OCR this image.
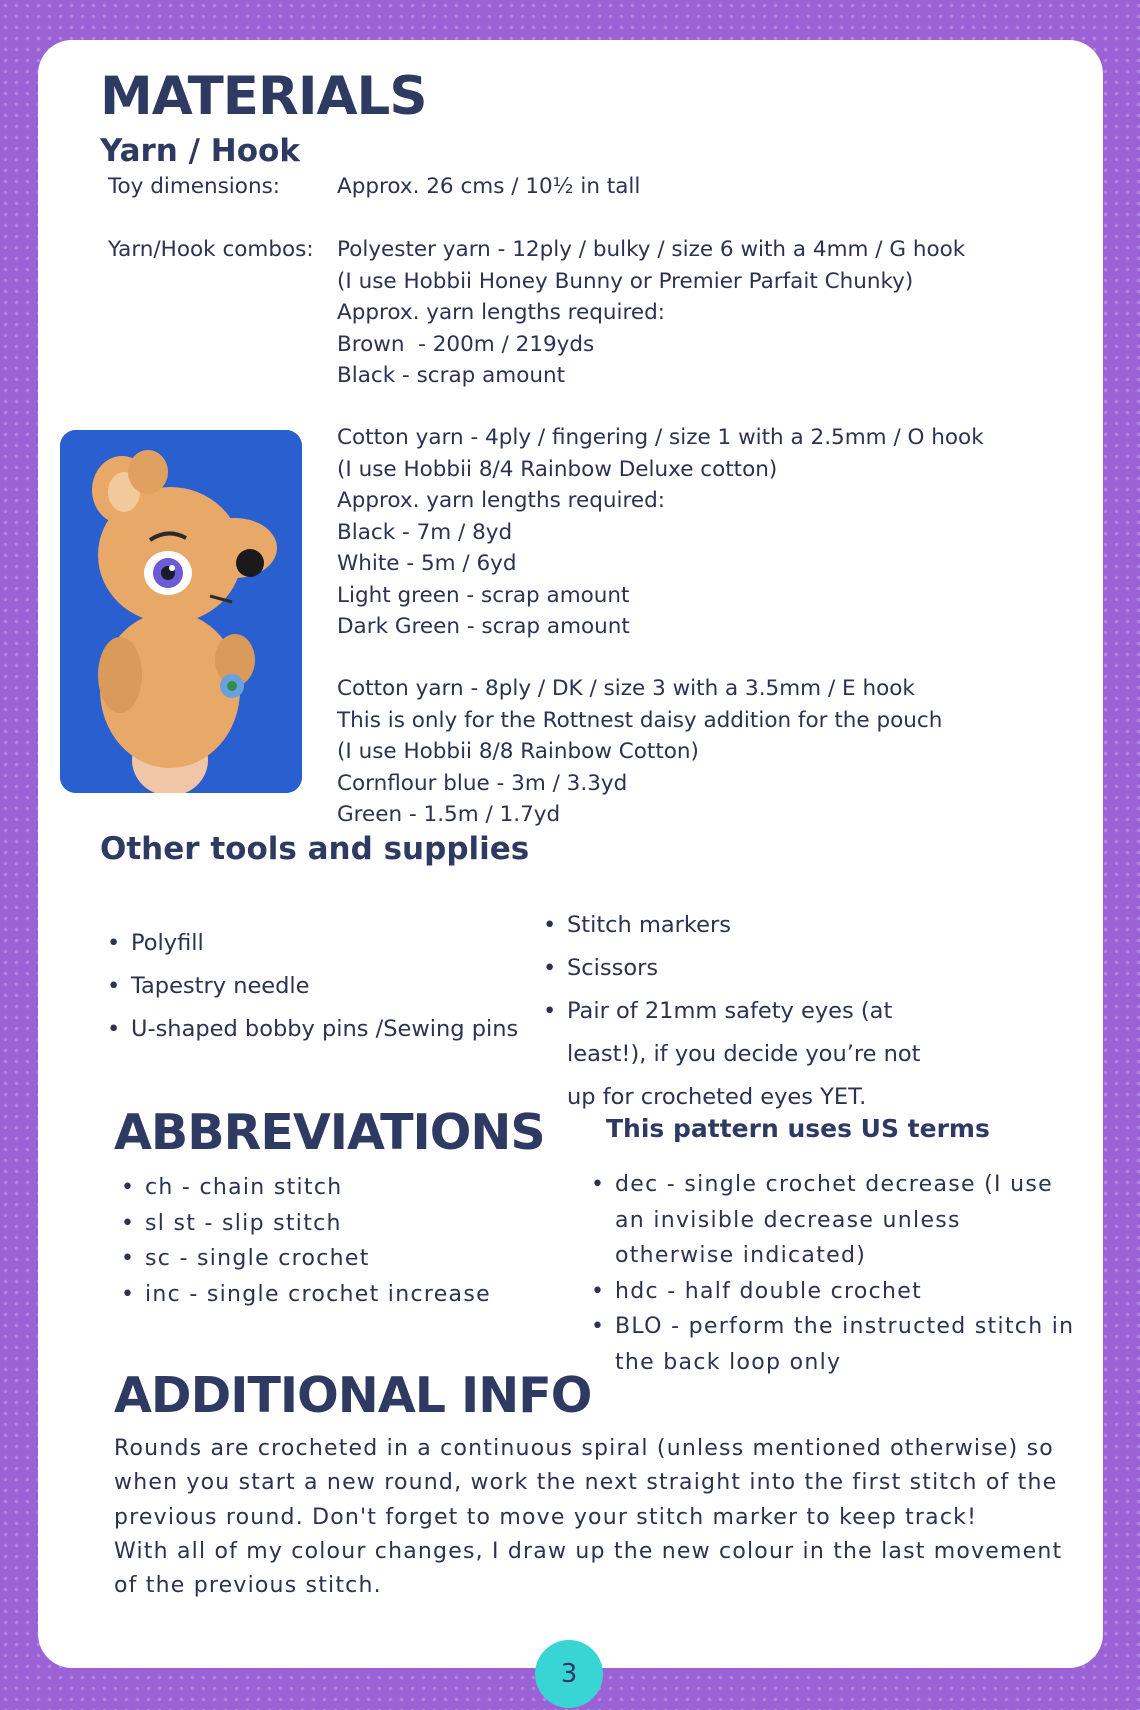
MATERIALS
Yarn / Hook
Toy dimensions:	Approx. 26 cms / 10½ in tall
Yarn/Hook combos: Polyester yarn - 12ply / bulky / size 6 with a 4mm / G hook
(I use Hobbii Honey Bunny or Premier Parfait Chunky)
Approx. yarn lengths required:
Brown  - 200m / 219yds
Black - scrap amount
Cotton yarn - 4ply / fingering / size 1 with a 2.5mm / O hook
(I use Hobbii 8/4 Rainbow Deluxe cotton)
Approx. yarn lengths required:
Black - 7m / 8yd
White - 5m / 6yd
Light green - scrap amount
Dark Green - scrap amount
Cotton yarn - 8ply / DK / size 3 with a 3.5mm / E hook
This is only for the Rottnest daisy addition for the pouch
(I use Hobbii 8/8 Rainbow Cotton)
Cornflour blue - 3m / 3.3yd
Green - 1.5m / 1.7yd
Other tools and supplies
• Polyfill
• Tapestry needle
• U-shaped bobby pins /Sewing pins
• Stitch markers
• Scissors
• Pair of 21mm safety eyes (at least!), if you decide you’re not up for crocheted eyes YET.
ABBREVIATIONS This pattern uses US terms
• ch - chain stitch
• sl st - slip stitch
• sc - single crochet
• inc - single crochet increase
• dec - single crochet decrease (I use an invisible decrease unless otherwise indicated)
• hdc - half double crochet
• BLO - perform the instructed stitch in the back loop only
ADDITIONAL INFO
Rounds are crocheted in a continuous spiral (unless mentioned otherwise) so when you start a new round, work the next straight into the first stitch of the previous round. Don't forget to move your stitch marker to keep track!
With all of my colour changes, I draw up the new colour in the last movement of the previous stitch.
3
